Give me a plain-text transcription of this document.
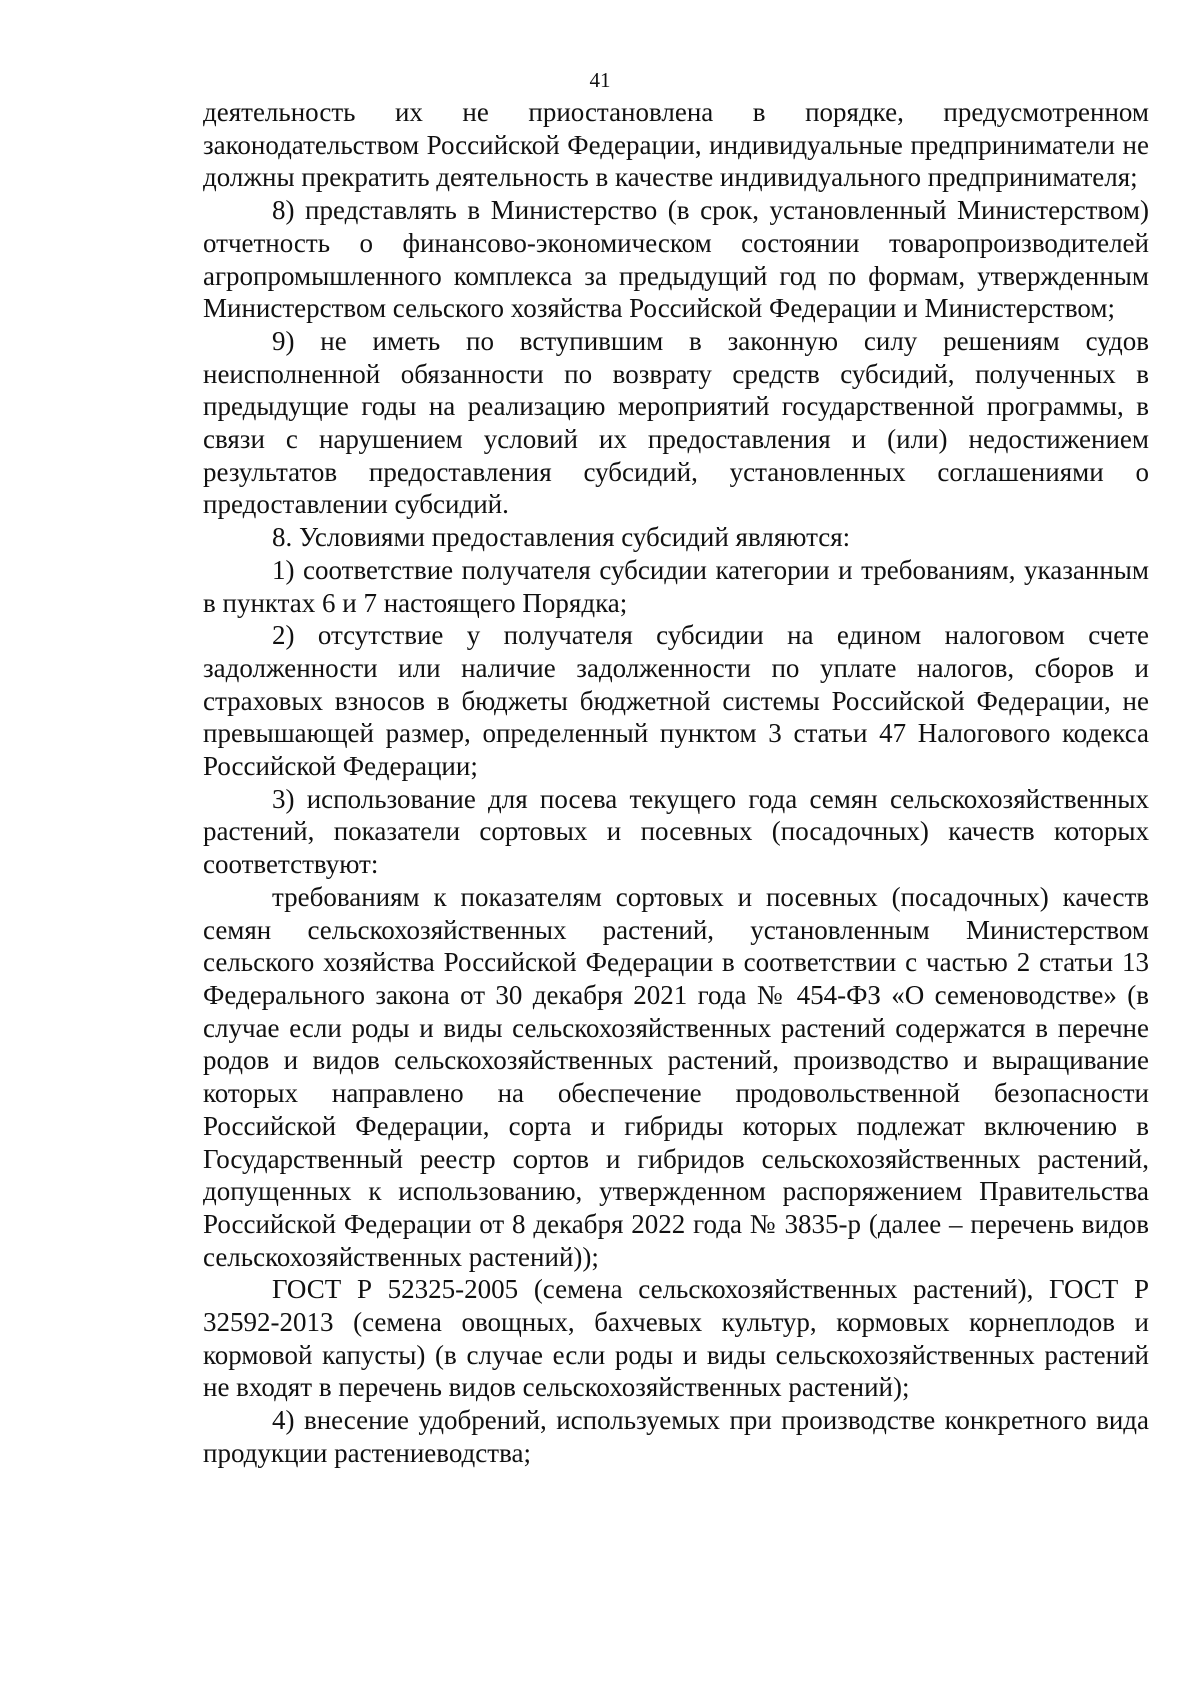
41

деятельность их не приостановлена в порядке, предусмотренном законодательством Российской Федерации, индивидуальные предприниматели не должны прекратить деятельность в качестве индивидуального предпринимателя;

8) представлять в Министерство (в срок, установленный Министерством) отчетность о финансово-экономическом состоянии товаропроизводителей агропромышленного комплекса за предыдущий год по формам, утвержденным Министерством сельского хозяйства Российской Федерации и Министерством;

9) не иметь по вступившим в законную силу решениям судов неисполненной обязанности по возврату средств субсидий, полученных в предыдущие годы на реализацию мероприятий государственной программы, в связи с нарушением условий их предоставления и (или) недостижением результатов предоставления субсидий, установленных соглашениями о предоставлении субсидий.

8. Условиями предоставления субсидий являются:

1) соответствие получателя субсидии категории и требованиям, указанным в пунктах 6 и 7 настоящего Порядка;

2) отсутствие у получателя субсидии на едином налоговом счете задолженности или наличие задолженности по уплате налогов, сборов и страховых взносов в бюджеты бюджетной системы Российской Федерации, не превышающей размер, определенный пунктом 3 статьи 47 Налогового кодекса Российской Федерации;

3) использование для посева текущего года семян сельскохозяйственных растений, показатели сортовых и посевных (посадочных) качеств которых соответствуют:

требованиям к показателям сортовых и посевных (посадочных) качеств семян сельскохозяйственных растений, установленным Министерством сельского хозяйства Российской Федерации в соответствии с частью 2 статьи 13 Федерального закона от 30 декабря 2021 года № 454-ФЗ «О семеноводстве» (в случае если роды и виды сельскохозяйственных растений содержатся в перечне родов и видов сельскохозяйственных растений, производство и выращивание которых направлено на обеспечение продовольственной безопасности Российской Федерации, сорта и гибриды которых подлежат включению в Государственный реестр сортов и гибридов сельскохозяйственных растений, допущенных к использованию, утвержденном распоряжением Правительства Российской Федерации от 8 декабря 2022 года № 3835-р (далее – перечень видов сельскохозяйственных растений));

ГОСТ Р 52325-2005 (семена сельскохозяйственных растений), ГОСТ Р 32592-2013 (семена овощных, бахчевых культур, кормовых корнеплодов и кормовой капусты) (в случае если роды и виды сельскохозяйственных растений не входят в перечень видов сельскохозяйственных растений);

4) внесение удобрений, используемых при производстве конкретного вида продукции растениеводства;
